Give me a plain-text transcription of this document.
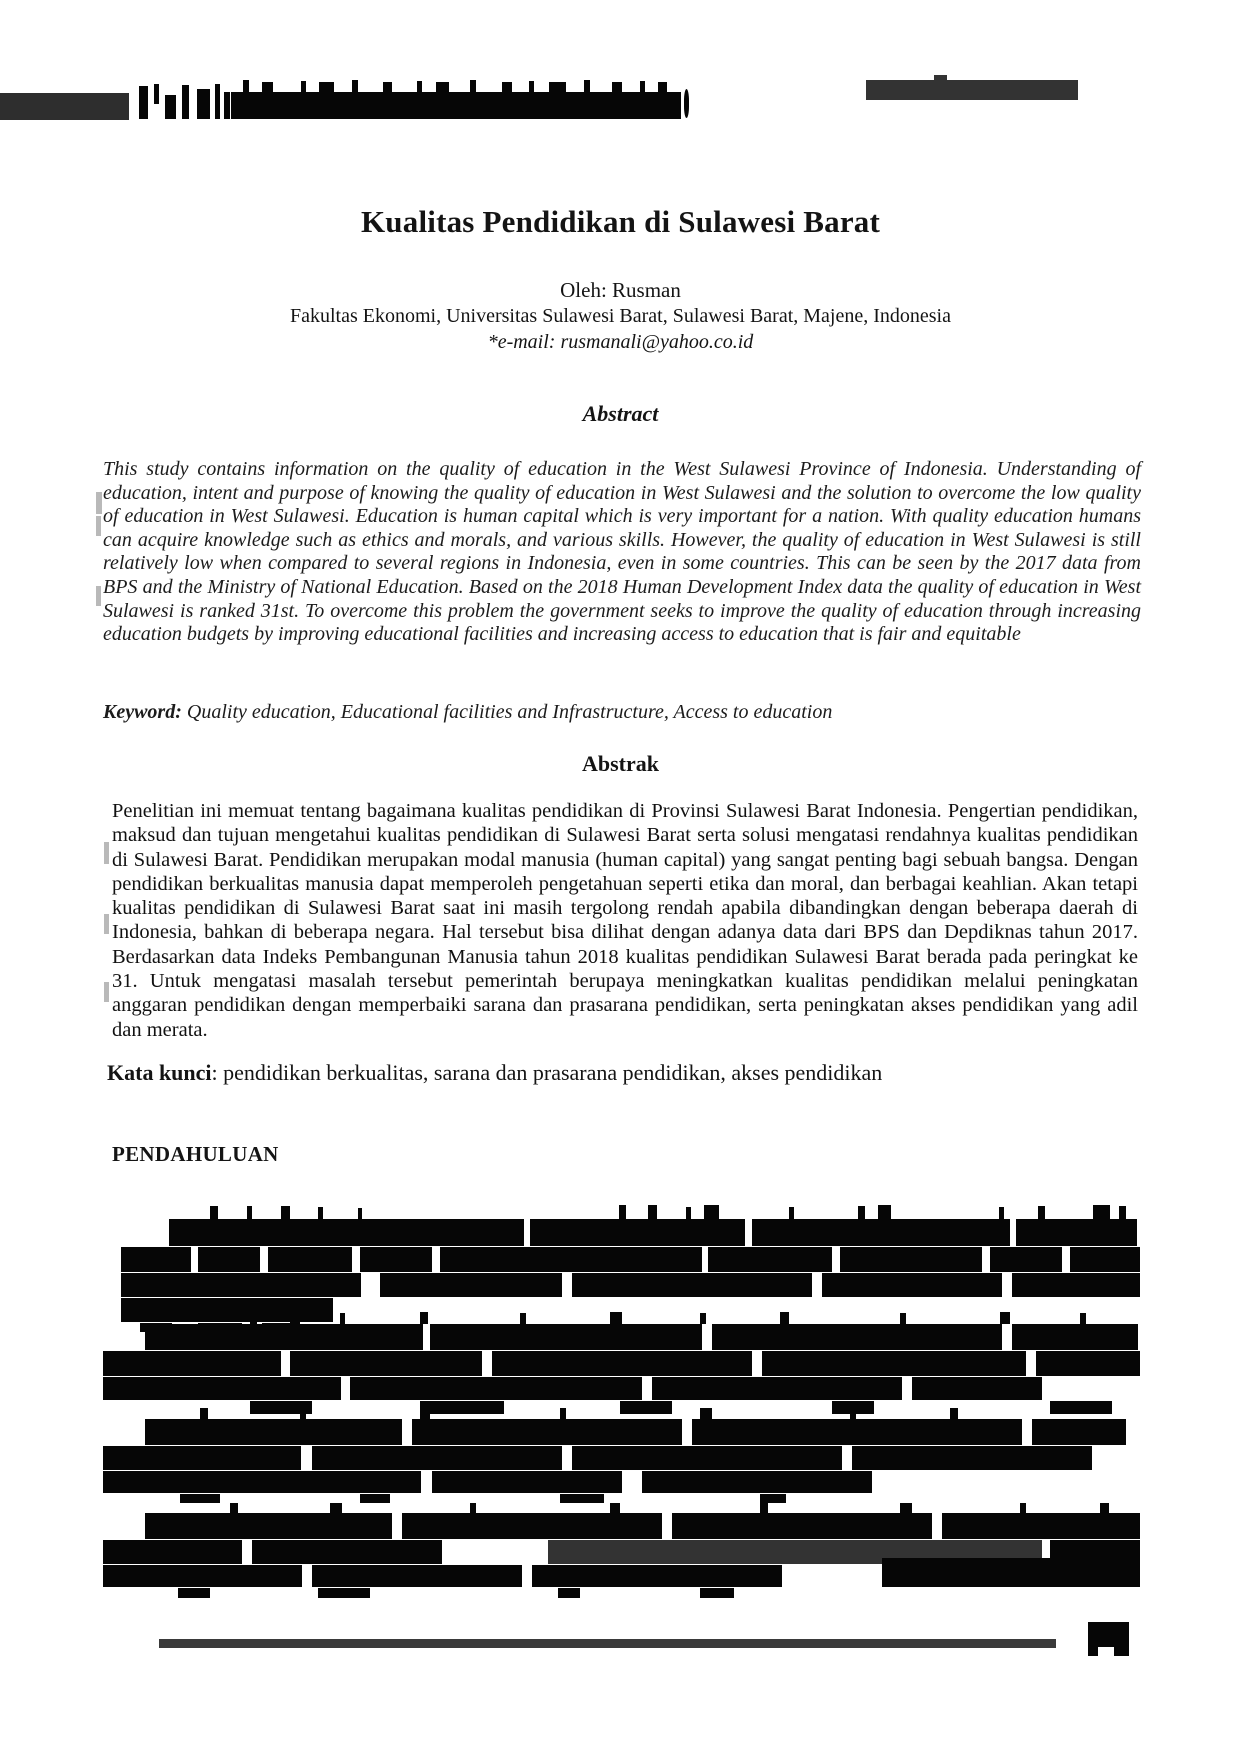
Kualitas Pendidikan di Sulawesi Barat
Oleh: Rusman
Fakultas Ekonomi, Universitas Sulawesi Barat, Sulawesi Barat, Majene, Indonesia
*e-mail: rusmanali@yahoo.co.id
Abstract
This study contains information on the quality of education in the West Sulawesi Province of Indonesia. Understanding of education, intent and purpose of knowing the quality of education in West Sulawesi and the solution to overcome the low quality of education in West Sulawesi. Education is human capital which is very important for a nation. With quality education humans can acquire knowledge such as ethics and morals, and various skills. However, the quality of education in West Sulawesi is still relatively low when compared to several regions in Indonesia, even in some countries. This can be seen by the 2017 data from BPS and the Ministry of National Education. Based on the 2018 Human Development Index data the quality of education in West Sulawesi is ranked 31st. To overcome this problem the government seeks to improve the quality of education through increasing education budgets by improving educational facilities and increasing access to education that is fair and equitable
Keyword: Quality education, Educational facilities and Infrastructure, Access to education
Abstrak
Penelitian ini memuat tentang bagaimana kualitas pendidikan di Provinsi Sulawesi Barat Indonesia. Pengertian pendidikan, maksud dan tujuan mengetahui kualitas pendidikan di Sulawesi Barat serta solusi mengatasi rendahnya kualitas pendidikan di Sulawesi Barat. Pendidikan merupakan modal manusia (human capital) yang sangat penting bagi sebuah bangsa. Dengan pendidikan berkualitas manusia dapat memperoleh pengetahuan seperti etika dan moral, dan berbagai keahlian. Akan tetapi kualitas pendidikan di Sulawesi Barat saat ini masih tergolong rendah apabila dibandingkan dengan beberapa daerah di Indonesia, bahkan di beberapa negara. Hal tersebut bisa dilihat dengan adanya data dari BPS dan Depdiknas tahun 2017. Berdasarkan data Indeks Pembangunan Manusia tahun 2018 kualitas pendidikan Sulawesi Barat berada pada peringkat ke 31. Untuk mengatasi masalah tersebut pemerintah berupaya meningkatkan kualitas pendidikan melalui peningkatan anggaran pendidikan dengan memperbaiki sarana dan prasarana pendidikan, serta peningkatan akses pendidikan yang adil dan merata.
Kata kunci: pendidikan berkualitas, sarana dan prasarana pendidikan, akses pendidikan
PENDAHULUAN
